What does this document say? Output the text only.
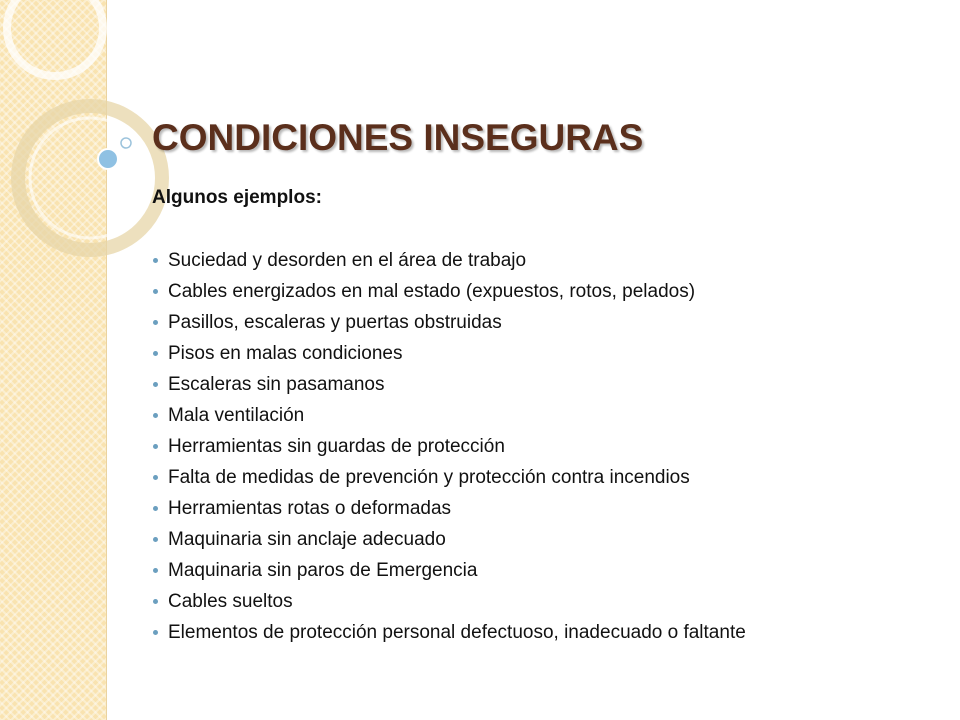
CONDICIONES INSEGURAS

Algunos ejemplos:

Suciedad y desorden en el área de trabajo
Cables energizados en mal estado (expuestos, rotos, pelados)
Pasillos, escaleras y puertas obstruidas
Pisos en malas condiciones
Escaleras sin pasamanos
Mala ventilación
Herramientas sin guardas de protección
Falta de medidas de prevención y protección contra incendios
Herramientas rotas o deformadas
Maquinaria sin anclaje adecuado
Maquinaria sin paros de Emergencia
Cables sueltos
Elementos de protección personal defectuoso, inadecuado o faltante
